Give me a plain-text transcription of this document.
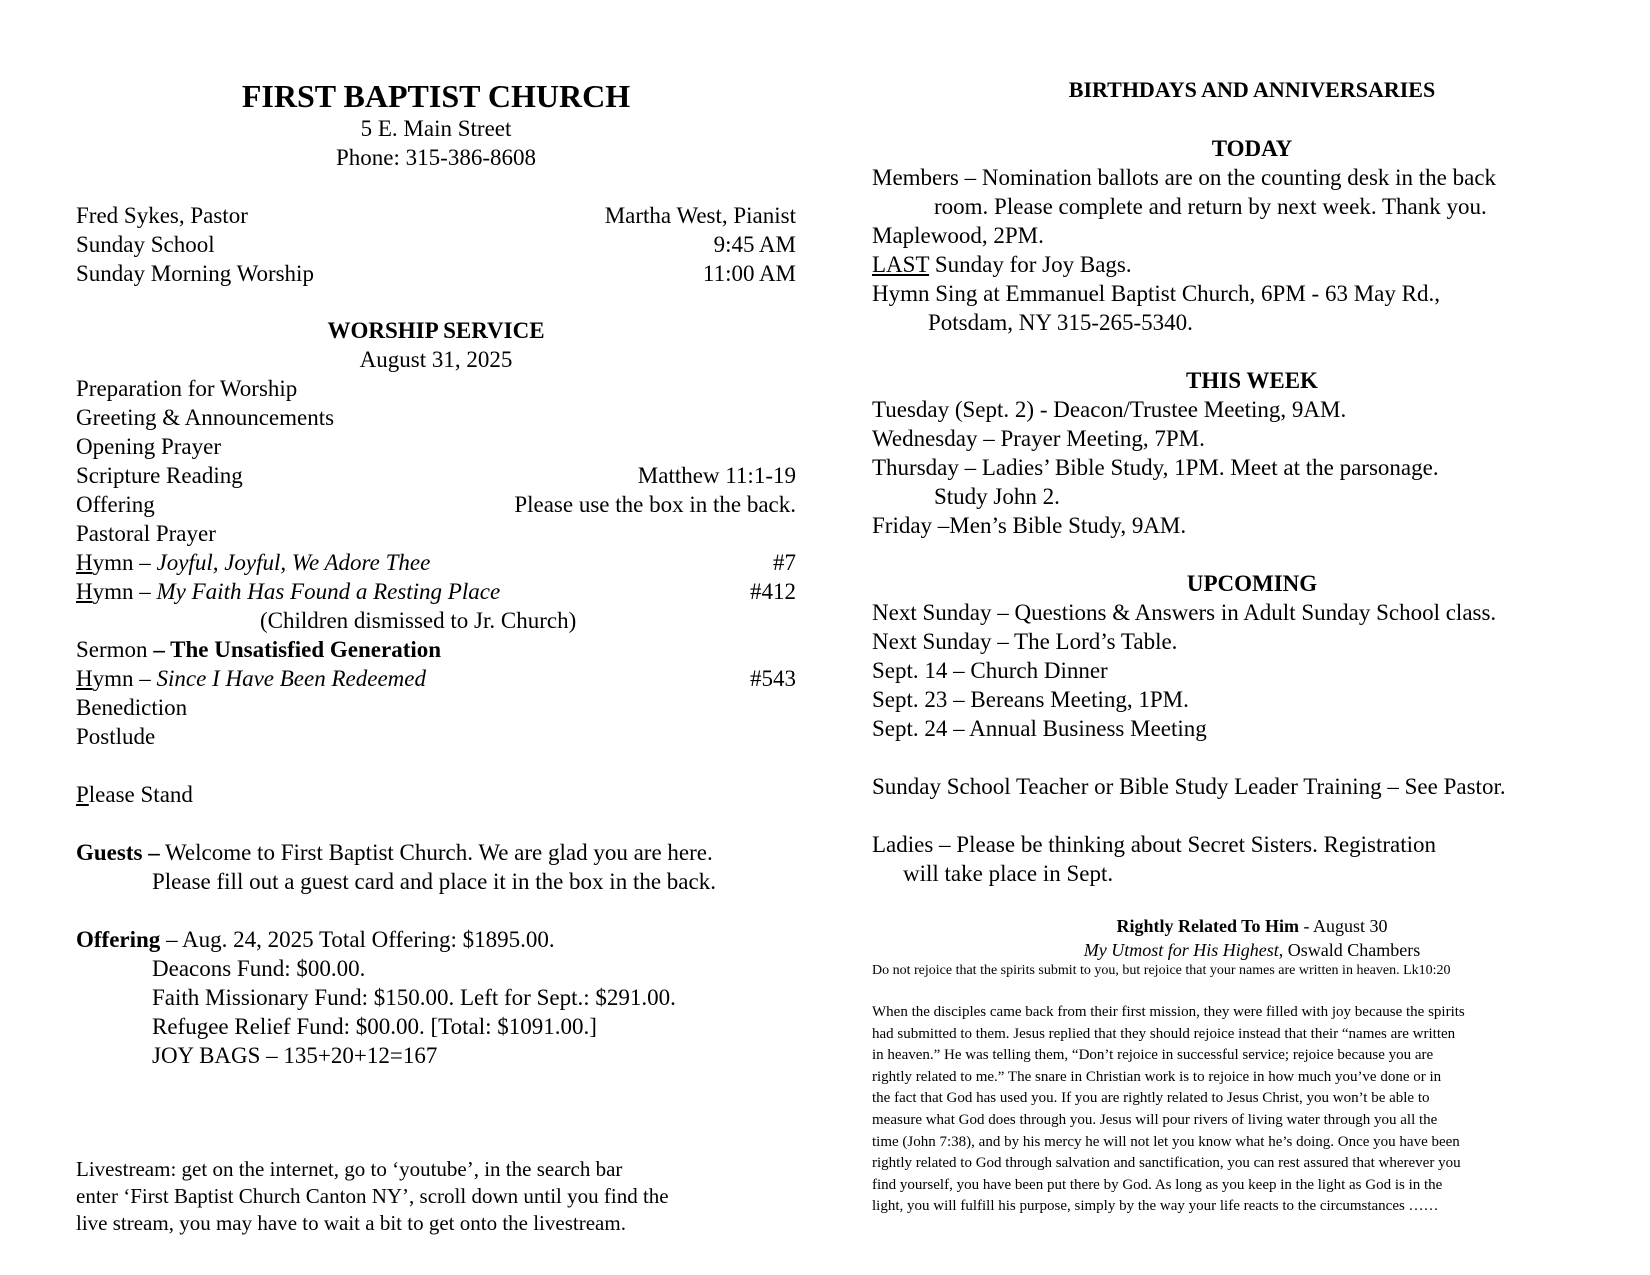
FIRST BAPTIST CHURCH
5 E. Main Street
Phone: 315-386-8608
Fred Sykes, Pastor	Martha West, Pianist
Sunday School	9:45 AM
Sunday Morning Worship	11:00 AM
WORSHIP SERVICE
August 31, 2025
Preparation for Worship
Greeting & Announcements
Opening Prayer
Scripture Reading	Matthew 11:1-19
Offering	Please use the box in the back.
Pastoral Prayer
Hymn – Joyful, Joyful, We Adore Thee	#7
Hymn – My Faith Has Found a Resting Place	#412
(Children dismissed to Jr. Church)
Sermon – The Unsatisfied Generation
Hymn – Since I Have Been Redeemed	#543
Benediction
Postlude
Please Stand
Guests – Welcome to First Baptist Church. We are glad you are here.
Please fill out a guest card and place it in the box in the back.
Offering – Aug. 24, 2025 Total Offering: $1895.00.
Deacons Fund: $00.00.
Faith Missionary Fund: $150.00. Left for Sept.: $291.00.
Refugee Relief Fund: $00.00. [Total: $1091.00.]
JOY BAGS – 135+20+12=167
Livestream: get on the internet, go to ‘youtube’, in the search bar
enter ‘First Baptist Church Canton NY’, scroll down until you find the
live stream, you may have to wait a bit to get onto the livestream.
BIRTHDAYS AND ANNIVERSARIES
TODAY
Members – Nomination ballots are on the counting desk in the back
room. Please complete and return by next week. Thank you.
Maplewood, 2PM.
LAST Sunday for Joy Bags.
Hymn Sing at Emmanuel Baptist Church, 6PM - 63 May Rd.,
Potsdam, NY 315-265-5340.
THIS WEEK
Tuesday (Sept. 2) - Deacon/Trustee Meeting, 9AM.
Wednesday – Prayer Meeting, 7PM.
Thursday – Ladies’ Bible Study, 1PM. Meet at the parsonage.
Study John 2.
Friday –Men’s Bible Study, 9AM.
UPCOMING
Next Sunday – Questions & Answers in Adult Sunday School class.
Next Sunday – The Lord’s Table.
Sept. 14 – Church Dinner
Sept. 23 – Bereans Meeting, 1PM.
Sept. 24 – Annual Business Meeting
Sunday School Teacher or Bible Study Leader Training – See Pastor.
Ladies – Please be thinking about Secret Sisters. Registration
will take place in Sept.
Rightly Related To Him - August 30
My Utmost for His Highest, Oswald Chambers
Do not rejoice that the spirits submit to you, but rejoice that your names are written in heaven. Lk10:20
When the disciples came back from their first mission, they were filled with joy because the spirits
had submitted to them. Jesus replied that they should rejoice instead that their “names are written
in heaven.” He was telling them, “Don’t rejoice in successful service; rejoice because you are
rightly related to me.” The snare in Christian work is to rejoice in how much you’ve done or in
the fact that God has used you. If you are rightly related to Jesus Christ, you won’t be able to
measure what God does through you. Jesus will pour rivers of living water through you all the
time (John 7:38), and by his mercy he will not let you know what he’s doing. Once you have been
rightly related to God through salvation and sanctification, you can rest assured that wherever you
find yourself, you have been put there by God. As long as you keep in the light as God is in the
light, you will fulfill his purpose, simply by the way your life reacts to the circumstances ……
